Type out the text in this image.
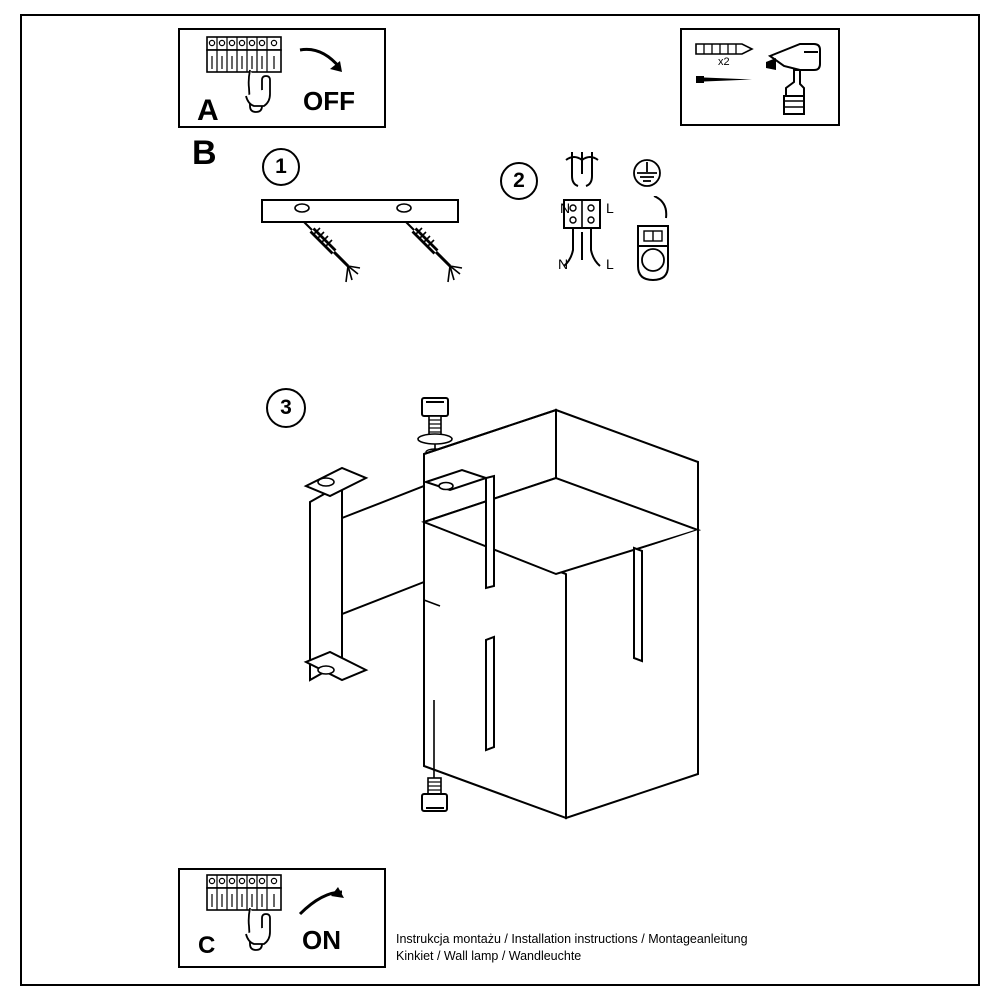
A	OFF
x2
B	1
2
N	L
N	L
3
C	ON	Instrukcja montażu / Installation instructions / Montageanleitung
Kinkiet / Wall lamp / Wandleuchte
